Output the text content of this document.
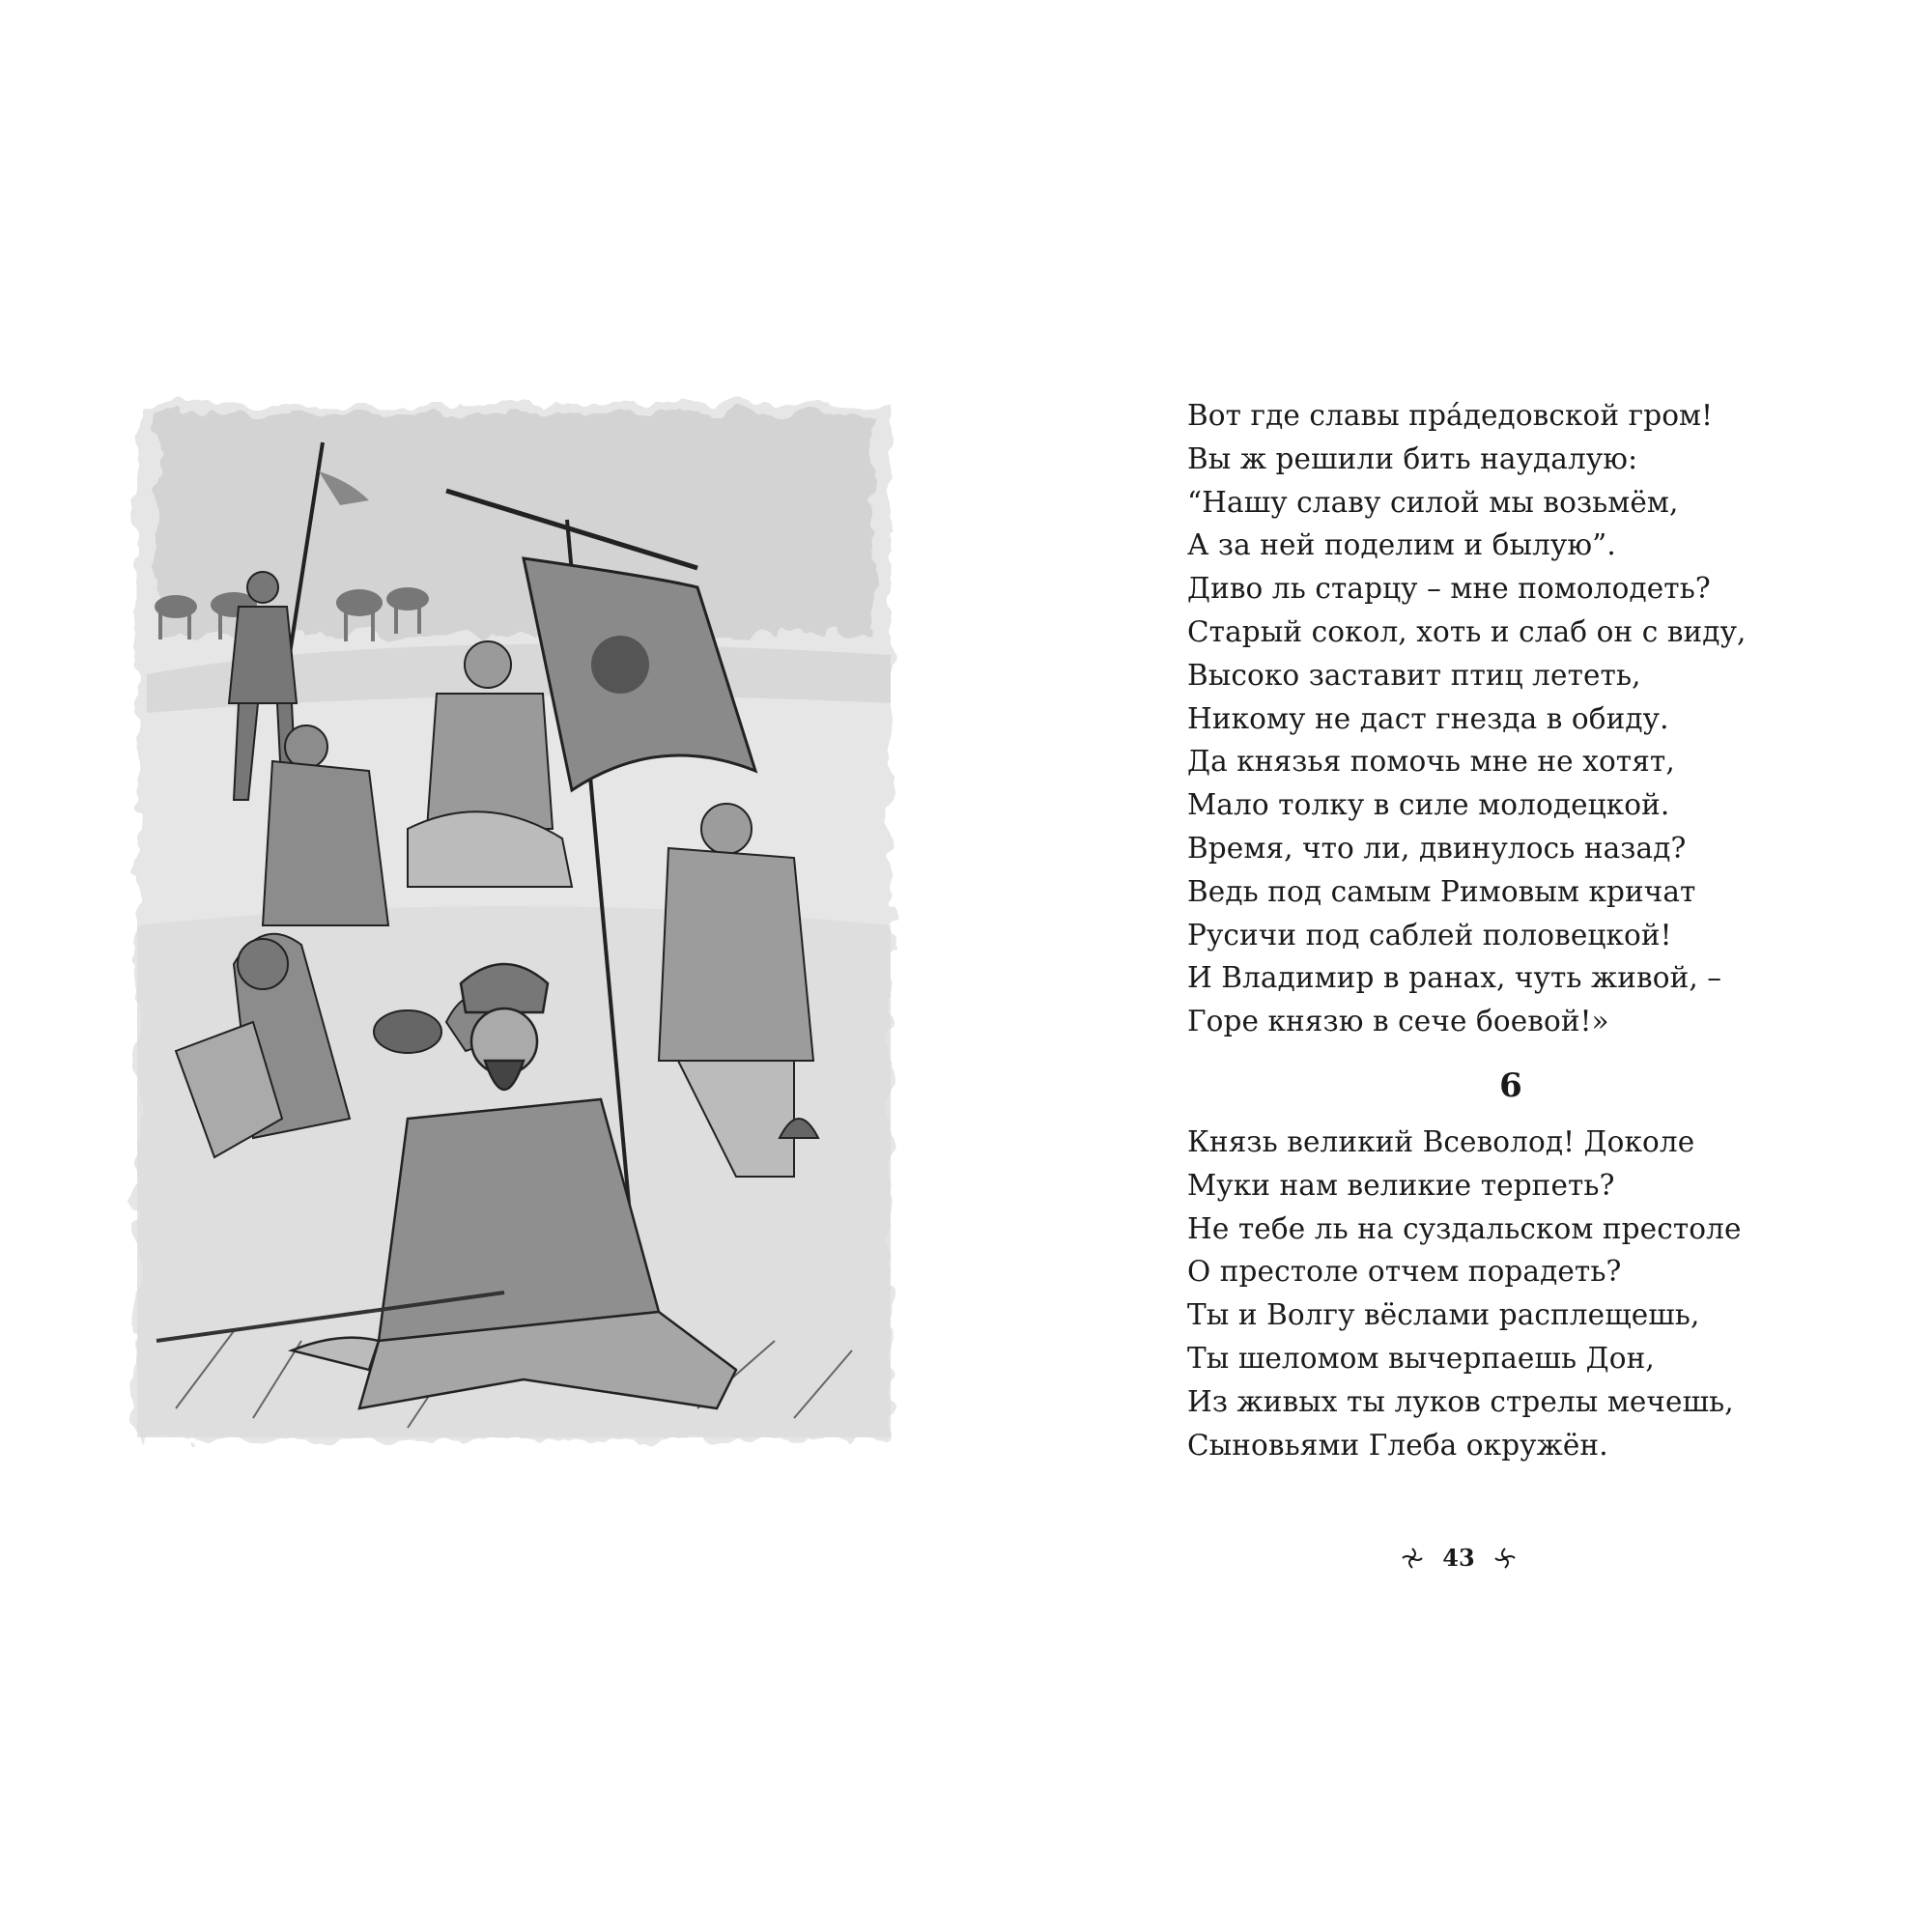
Вот где славы пра́дедовской гром!
Вы ж решили бить наудалую:
“Нашу славу силой мы возьмём,
А за ней поделим и былую”.
Диво ль старцу – мне помолодеть?
Старый сокол, хоть и слаб он с виду,
Высоко заставит птиц лететь,
Никому не даст гнезда в обиду.
Да князья помочь мне не хотят,
Мало толку в силе молодецкой.
Время, что ли, двинулось назад?
Ведь под самым Римовым кричат
Русичи под саблей половецкой!
И Владимир в ранах, чуть живой, –
Горе князю в сече боевой!»
6
Князь великий Всеволод! Доколе
Муки нам великие терпеть?
Не тебе ль на суздальском престоле
О престоле отчем порадеть?
Ты и Волгу вёслами расплещешь,
Ты шеломом вычерпаешь Дон,
Из живых ты луков стрелы мечешь,
Сыновьями Глеба окружён.
43
